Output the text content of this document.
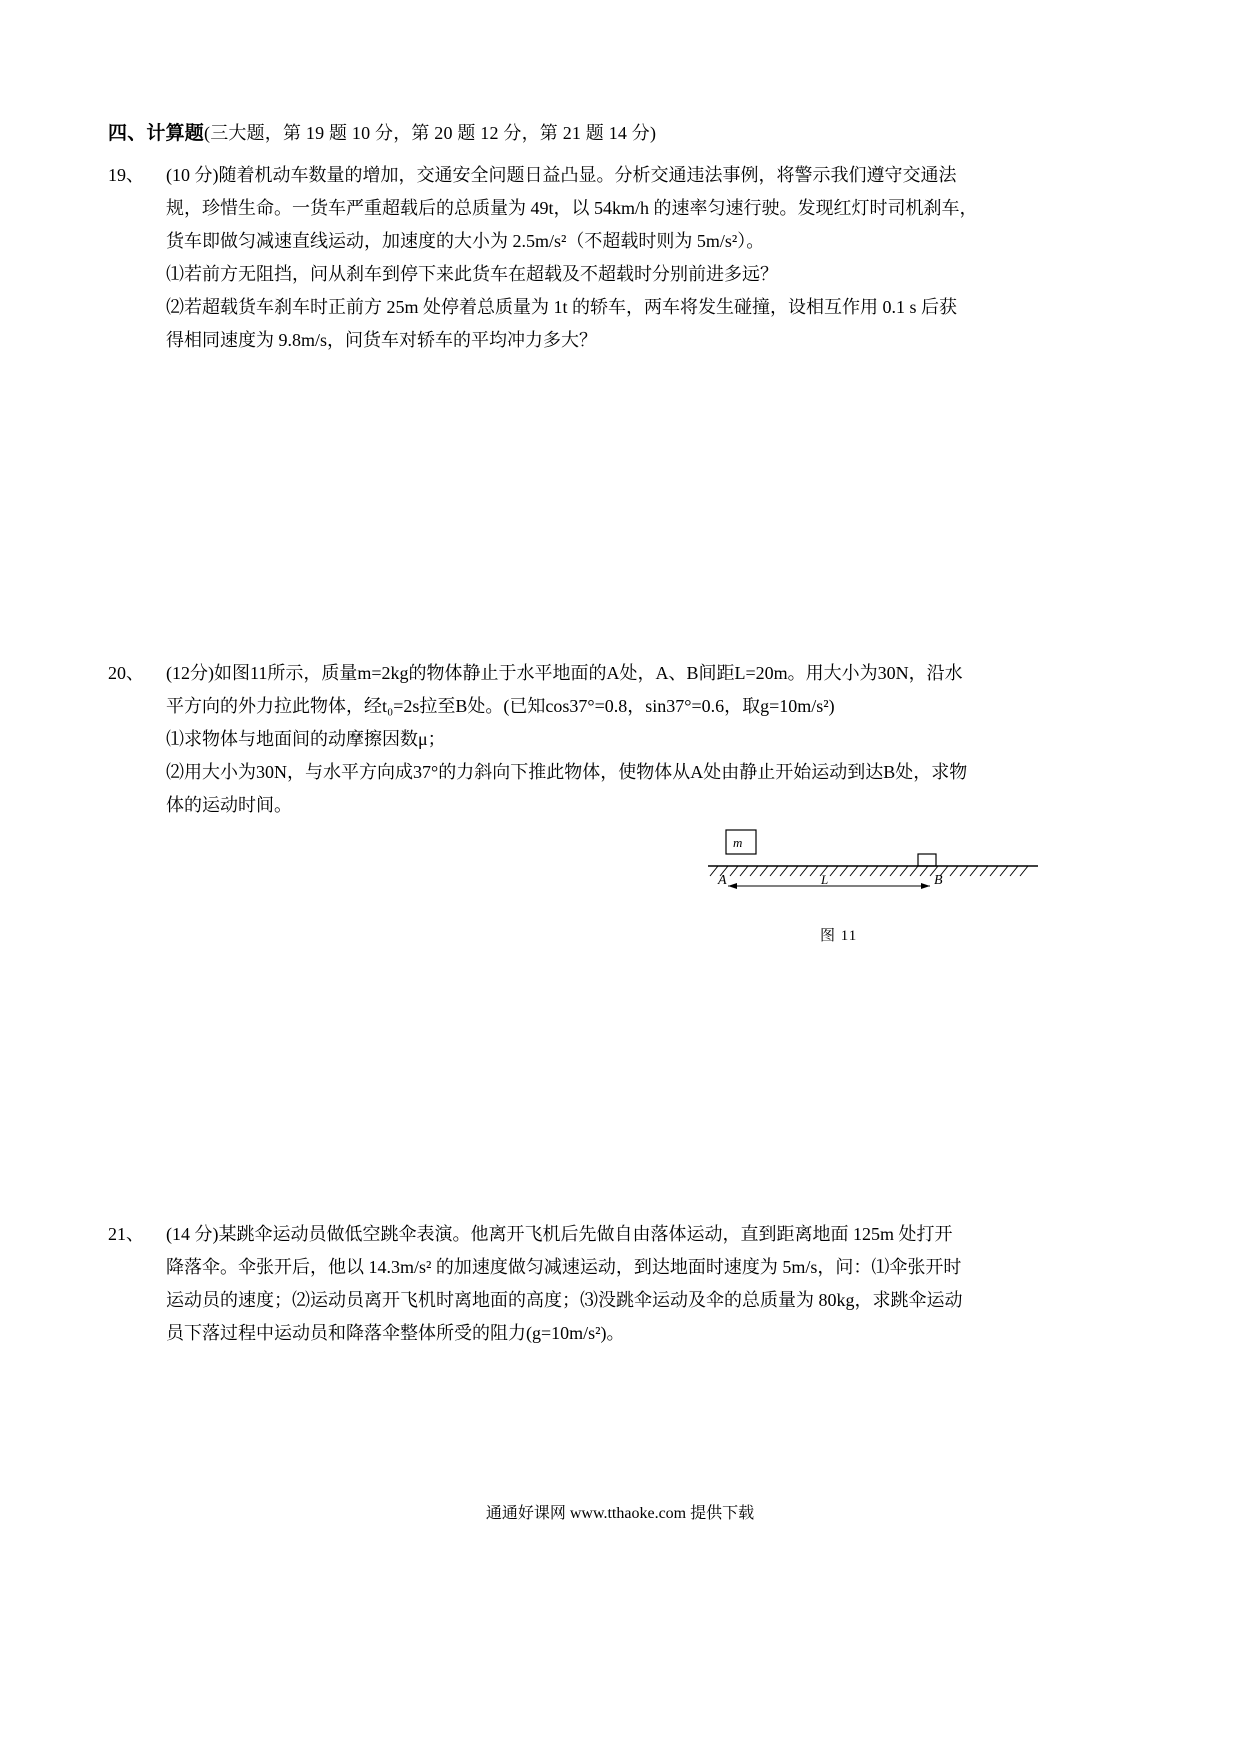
四、计算题(三大题，第 19 题 10 分，第 20 题 12 分，第 21 题 14 分)
19、	(10 分)随着机动车数量的增加，交通安全问题日益凸显。分析交通违法事例，将警示我们遵守交通法

规，珍惜生命。一货车严重超载后的总质量为 49t，以 54km/h 的速率匀速行驶。发现红灯时司机刹车，

货车即做匀减速直线运动，加速度的大小为 2.5m/s²（不超载时则为 5m/s²）。

⑴若前方无阻挡，问从刹车到停下来此货车在超载及不超载时分别前进多远？

⑵若超载货车刹车时正前方 25m 处停着总质量为 1t 的轿车，两车将发生碰撞，设相互作用 0.1 s 后获

得相同速度为 9.8m/s，问货车对轿车的平均冲力多大？

20、	(12分)如图11所示，质量m=2kg的物体静止于水平地面的A处，A、B间距L=20m。用大小为30N，沿水

平方向的外力拉此物体，经t₀=2s拉至B处。(已知cos37°=0.8，sin37°=0.6，取g=10m/s²)

⑴求物体与地面间的动摩擦因数μ；

⑵用大小为30N，与水平方向成37°的力斜向下推此物体，使物体从A处由静止开始运动到达B处，求物

体的运动时间。

m
L
A	B
图 11
21、	(14 分)某跳伞运动员做低空跳伞表演。他离开飞机后先做自由落体运动，直到距离地面 125m 处打开

降落伞。伞张开后，他以 14.3m/s² 的加速度做匀减速运动，到达地面时速度为 5m/s，问：⑴伞张开时

运动员的速度；⑵运动员离开飞机时离地面的高度；⑶没跳伞运动及伞的总质量为 80kg，求跳伞运动

员下落过程中运动员和降落伞整体所受的阻力(g=10m/s²)。

通通好课网 www.tthaoke.com 提供下载
